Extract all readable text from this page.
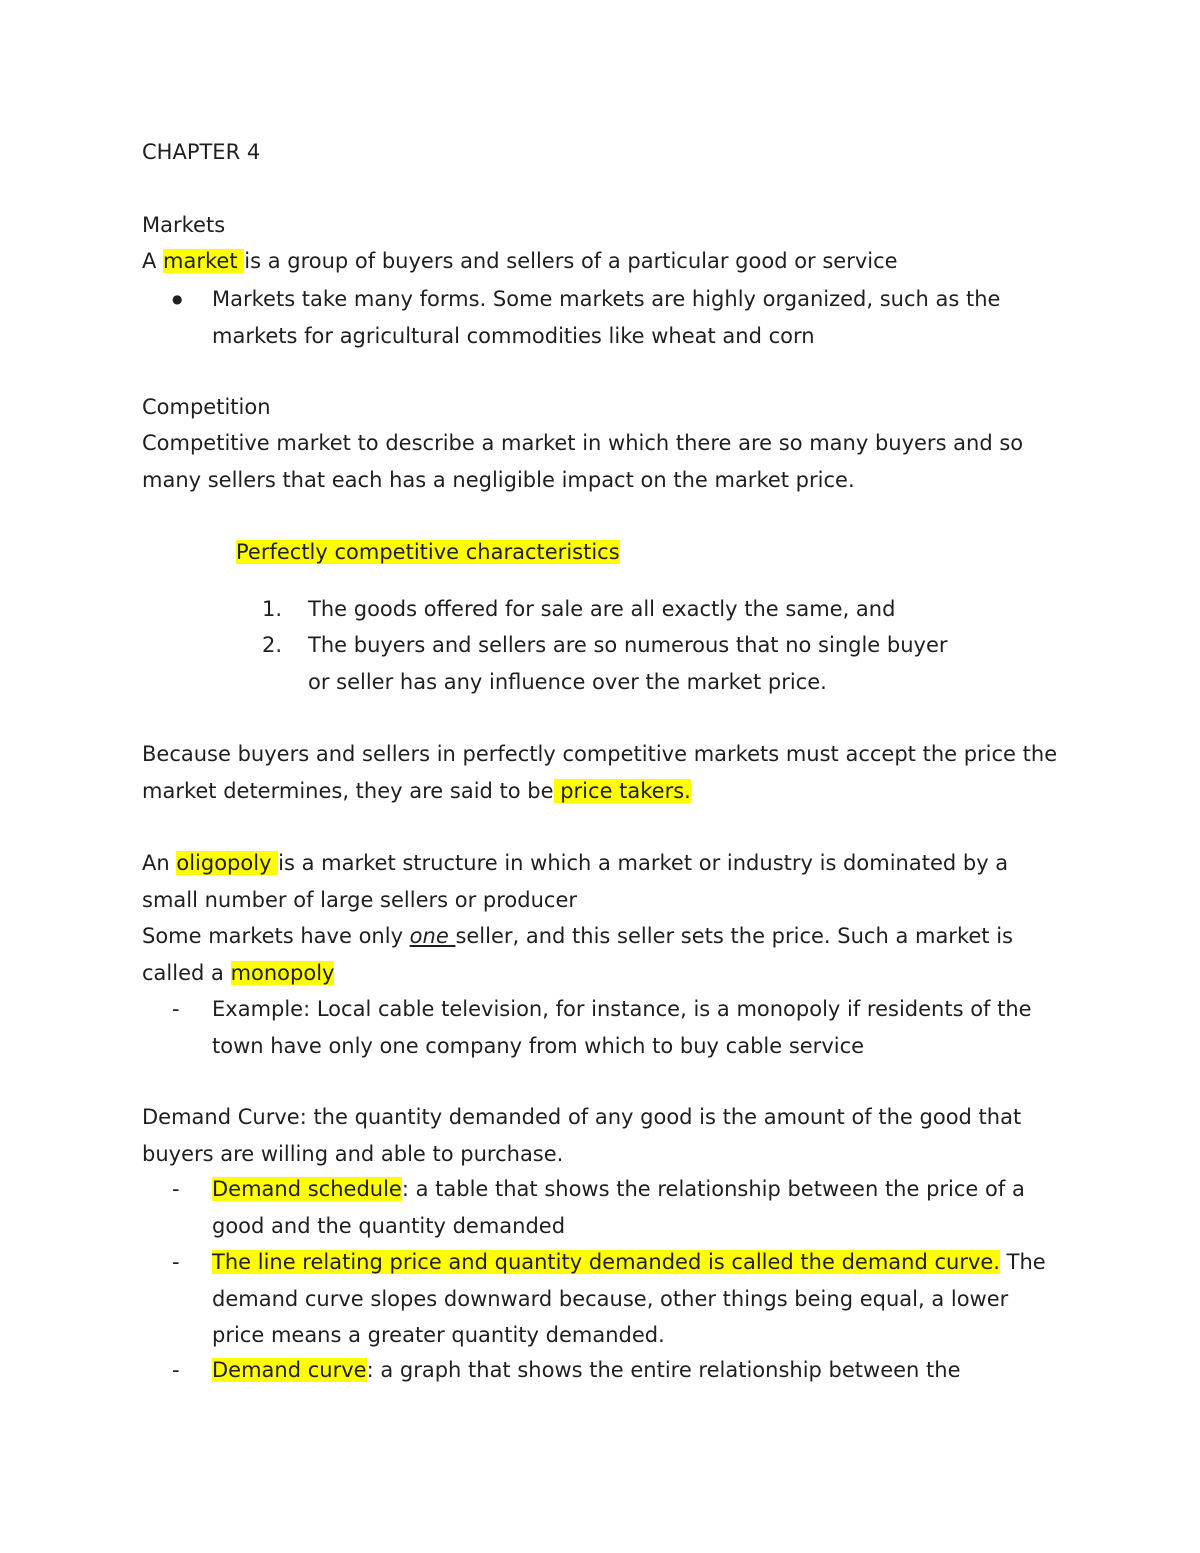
CHAPTER 4

Markets

A market is a group of buyers and sellers of a particular good or service

●	Markets take many forms. Some markets are highly organized, such as the markets for agricultural commodities like wheat and corn

Competition

Competitive market to describe a market in which there are so many buyers and so many sellers that each has a negligible impact on the market price.

Perfectly competitive characteristics

1.	The goods offered for sale are all exactly the same, and

2.	The buyers and sellers are so numerous that no single buyer or seller has any influence over the market price.

Because buyers and sellers in perfectly competitive markets must accept the price the market determines, they are said to be price takers.

An oligopoly is a market structure in which a market or industry is dominated by a small number of large sellers or producer

Some markets have only one seller, and this seller sets the price. Such a market is called a monopoly

-	Example: Local cable television, for instance, is a monopoly if residents of the town have only one company from which to buy cable service

Demand Curve: the quantity demanded of any good is the amount of the good that buyers are willing and able to purchase.

-	Demand schedule: a table that shows the relationship between the price of a good and the quantity demanded

-	The line relating price and quantity demanded is called the demand curve. The demand curve slopes downward because, other things being equal, a lower price means a greater quantity demanded.

-	Demand curve: a graph that shows the entire relationship between the
